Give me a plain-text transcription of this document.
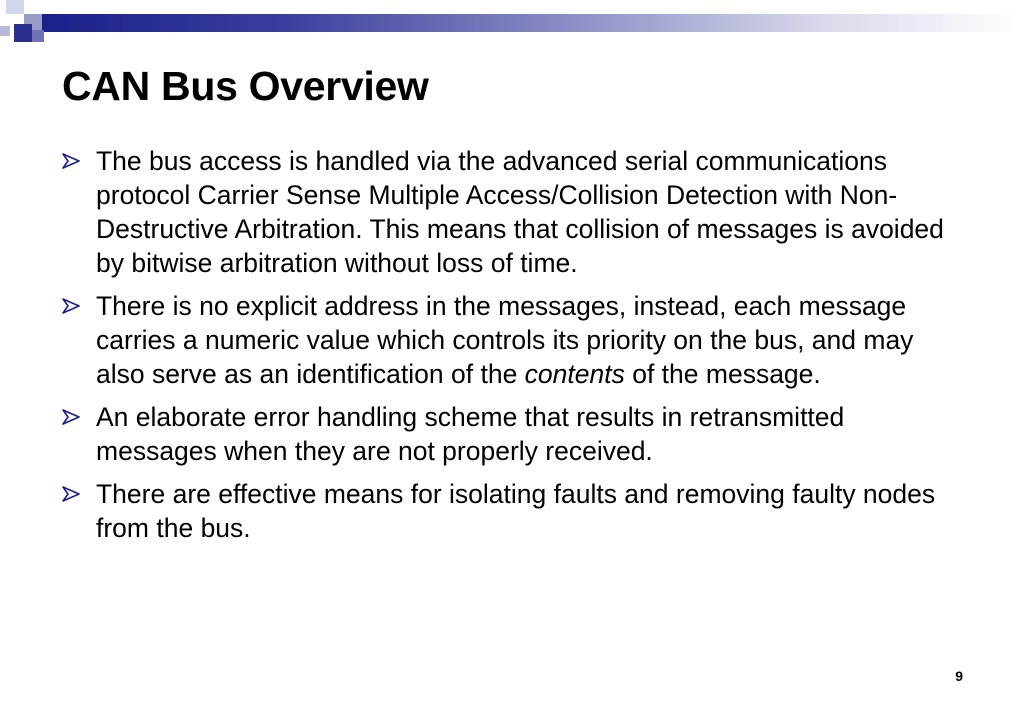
CAN Bus Overview
The bus access is handled via the advanced serial communications protocol Carrier Sense Multiple Access/Collision Detection with Non-Destructive Arbitration. This means that collision of messages is avoided by bitwise arbitration without loss of time.
There is no explicit address in the messages, instead, each message carries a numeric value which controls its priority on the bus, and may also serve as an identification of the contents of the message.
An elaborate error handling scheme that results in retransmitted messages when they are not properly received.
There are effective means for isolating faults and removing faulty nodes from the bus.
9
